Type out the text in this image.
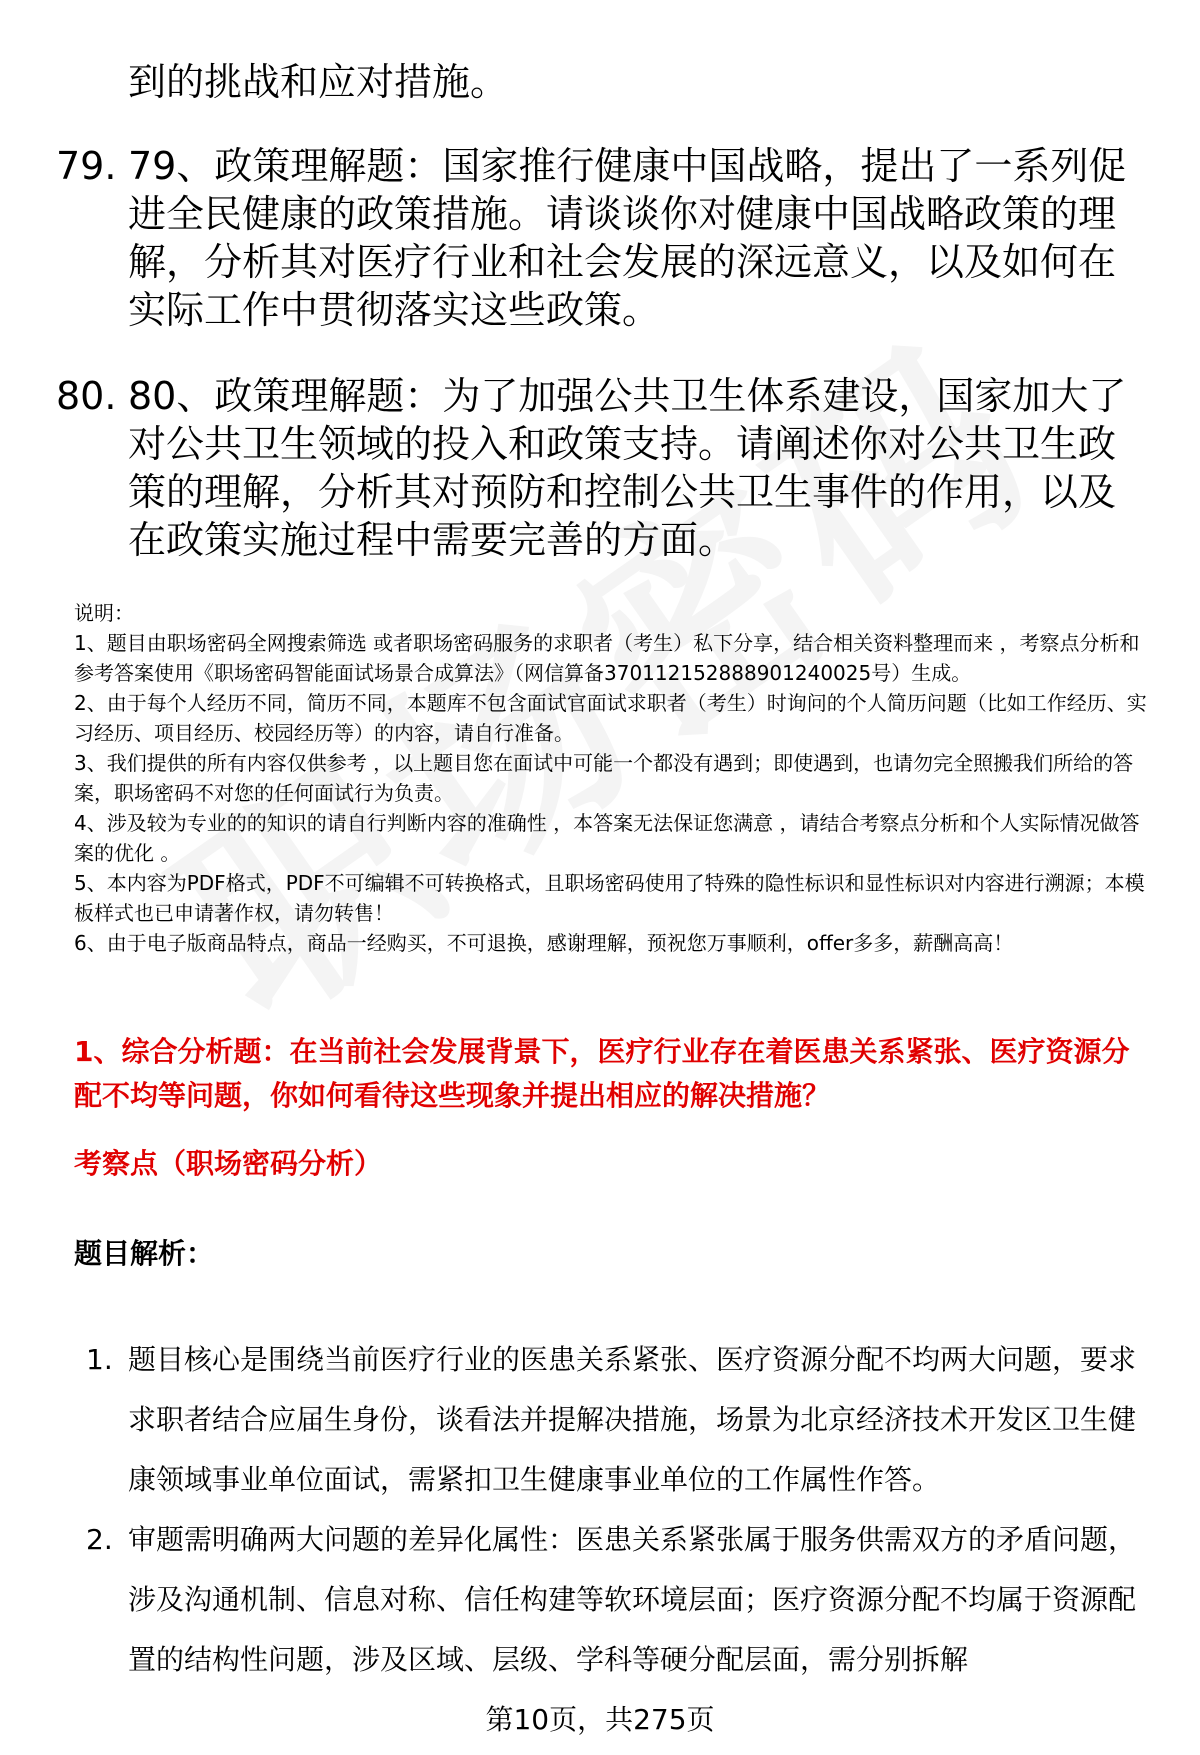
到的挑战和应对措施。
79. 79、政策理解题：国家推行健康中国战略，提出了一系列促进全民健康的政策措施。请谈谈你对健康中国战略政策的理解，分析其对医疗行业和社会发展的深远意义，以及如何在实际工作中贯彻落实这些政策。
80. 80、政策理解题：为了加强公共卫生体系建设，国家加大了对公共卫生领域的投入和政策支持。请阐述你对公共卫生政策的理解，分析其对预防和控制公共卫生事件的作用，以及在政策实施过程中需要完善的方面。

说明：

1、题目由职场密码全网搜索筛选 或者职场密码服务的求职者（考生）私下分享，结合相关资料整理而来 ，考察点分析和参考答案使用《职场密码智能面试场景合成算法》（网信算备370112152888901240025号）生成。

2、由于每个人经历不同，简历不同，本题库不包含面试官面试求职者（考生）时询问的个人简历问题（比如工作经历、实习经历、项目经历、校园经历等）的内容，请自行准备。

3、我们提供的所有内容仅供参考 ，以上题目您在面试中可能一个都没有遇到；即使遇到，也请勿完全照搬我们所给的答案，职场密码不对您的任何面试行为负责。

4、涉及较为专业的的知识的请自行判断内容的准确性 ，本答案无法保证您满意 ，请结合考察点分析和个人实际情况做答案的优化 。

5、本内容为PDF格式，PDF不可编辑不可转换格式，且职场密码使用了特殊的隐性标识和显性标识对内容进行溯源；本模板样式也已申请著作权，请勿转售！

6、由于电子版商品特点，商品一经购买，不可退换，感谢理解，预祝您万事顺利，offer多多，薪酬高高！

1、综合分析题：在当前社会发展背景下，医疗行业存在着医患关系紧张、医疗资源分配不均等问题，你如何看待这些现象并提出相应的解决措施？
考察点（职场密码分析）
题目解析：
1. 题目核心是围绕当前医疗行业的医患关系紧张、医疗资源分配不均两大问题，要求求职者结合应届生身份，谈看法并提解决措施，场景为北京经济技术开发区卫生健康领域事业单位面试，需紧扣卫生健康事业单位的工作属性作答。
2. 审题需明确两大问题的差异化属性：医患关系紧张属于服务供需双方的矛盾问题，涉及沟通机制、信息对称、信任构建等软环境层面；医疗资源分配不均属于资源配置的结构性问题，涉及区域、层级、学科等硬分配层面，需分别拆解
第10页，共275页
